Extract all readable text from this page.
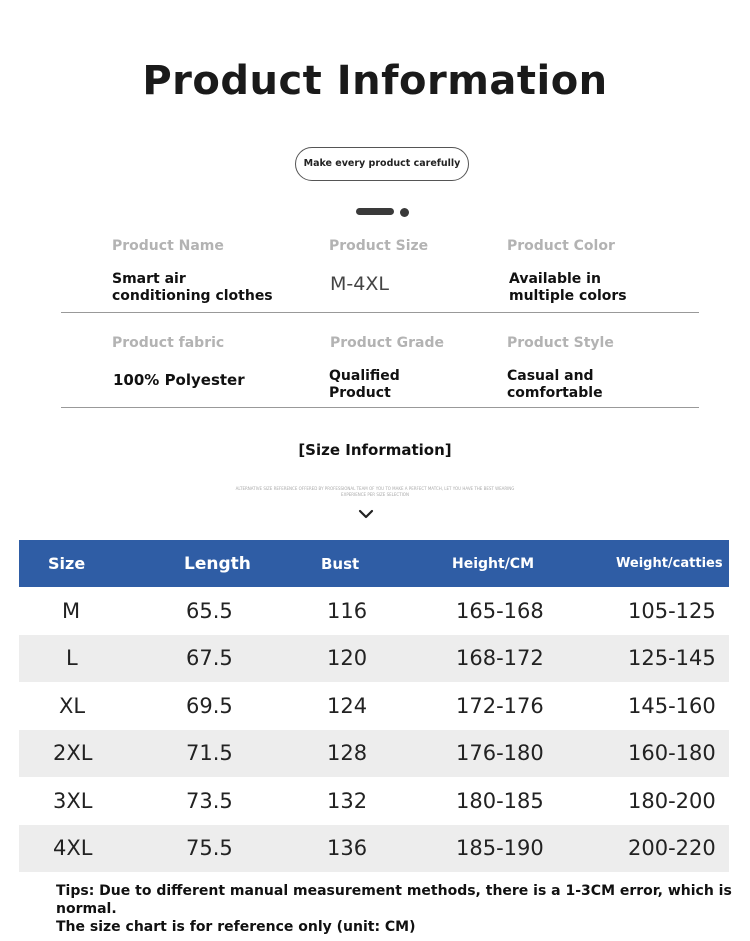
Product Information
Make every product carefully
Product Name
Smart air
conditioning clothes
Product Size
M-4XL
Product Color
Available in
multiple colors
Product fabric
100% Polyester
Product Grade
Qualified
Product
Product Style
Casual and
comfortable
[Size Information]
ALTERNATIVE SIZE REFERENCE OFFERED BY PROFESSIONAL TEAM OF YOU TO MAKE A PERFECT MATCH, LET YOU HAVE THE BEST WEARING EXPERIENCE PER SIZE SELECTION
Size	Length	Bust	Height/CM	Weight/catties
M	65.5	116	165-168	105-125
L	67.5	120	168-172	125-145
XL	69.5	124	172-176	145-160
2XL	71.5	128	176-180	160-180
3XL	73.5	132	180-185	180-200
4XL	75.5	136	185-190	200-220
Tips: Due to different manual measurement methods, there is a 1-3CM error, which is normal.
The size chart is for reference only (unit: CM)
